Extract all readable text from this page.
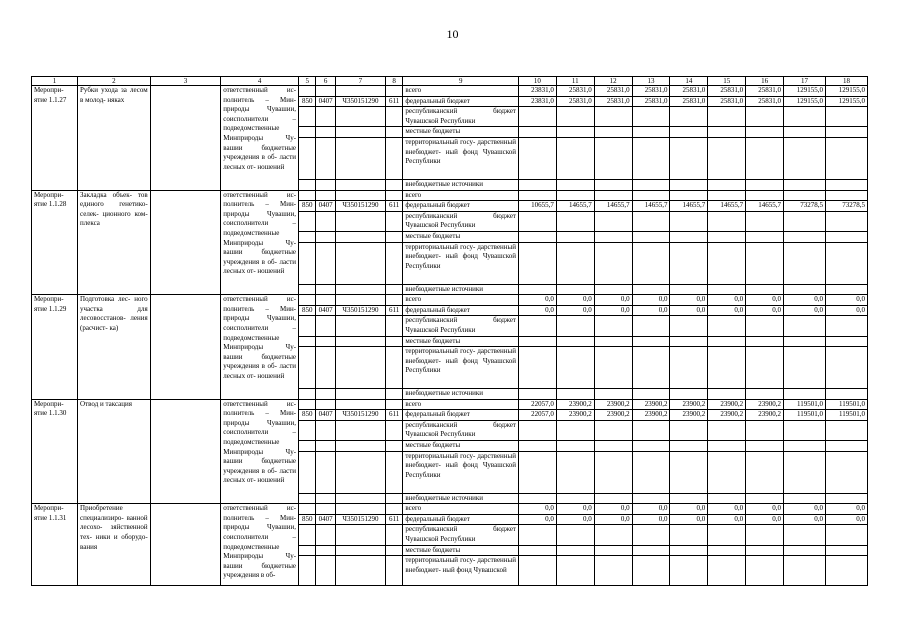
10
1	2	3	4	5	6	7	8	9	10	11	12	13	14	15	16	17	18
Меропри- ятие 1.1.27	Рубки ухода за лесом в молод- няках		ответственный ис- полнитель – Мин- природы Чувашии, соисполнители – подведомственные Минприроды Чу- вашии бюджетные учреждения в об- ласти лесных от- ношений					всего	23831,0	25831,0	25831,0	25831,0	25831,0	25831,0	25831,0	129155,0	129155,0
				850	0407	Ч350151290	611	федеральный бюджет	23831,0	25831,0	25831,0	25831,0	25831,0	25831,0	25831,0	129155,0	129155,0
								республиканский бюджет Чувашской Республики									
								местные бюджеты									
								территориальный госу- дарственный внебюджет- ный фонд Чувашской Республики									
								внебюджетные источники									
Меропри- ятие 1.1.28	Закладка объек- тов единого генетико-селек- ционного ком- плекса		ответственный ис- полнитель – Мин- природы Чувашии, соисполнители – подведомственные Минприроды Чу- вашии бюджетные учреждения в об- ласти лесных от- ношений					всего									
				850	0407	Ч350151290	611	федеральный бюджет	10655,7	14655,7	14655,7	14655,7	14655,7	14655,7	14655,7	73278,5	73278,5
								республиканский бюджет Чувашской Республики									
								местные бюджеты									
								территориальный госу- дарственный внебюджет- ный фонд Чувашской Республики									
								внебюджетные источники									
Меропри- ятие 1.1.29	Подготовка лес- ного участка для лесовосстанов- ления (расчист- ка)		ответственный ис- полнитель – Мин- природы Чувашии, соисполнители – подведомственные Минприроды Чу- вашии бюджетные учреждения в об- ласти лесных от- ношений					всего	0,0	0,0	0,0	0,0	0,0	0,0	0,0	0,0	0,0
				850	0407	Ч350151290	611	федеральный бюджет	0,0	0,0	0,0	0,0	0,0	0,0	0,0	0,0	0,0
								республиканский бюджет Чувашской Республики									
								местные бюджеты									
								территориальный госу- дарственный внебюджет- ный фонд Чувашской Республики									
								внебюджетные источники									
Меропри- ятие 1.1.30	Отвод и таксация		ответственный ис- полнитель – Мин- природы Чувашии, соисполнители – подведомственные Минприроды Чу- вашии бюджетные учреждения в об- ласти лесных от- ношений					всего	22057,0	23900,2	23900,2	23900,2	23900,2	23900,2	23900,2	119501,0	119501,0
				850	0407	Ч350151290	611	федеральный бюджет	22057,0	23900,2	23900,2	23900,2	23900,2	23900,2	23900,2	119501,0	119501,0
								республиканский бюджет Чувашской Республики									
								местные бюджеты									
								территориальный госу- дарственный внебюджет- ный фонд Чувашской Республики									
								внебюджетные источники									
Меропри- ятие 1.1.31	Приобретение специализиро- ванной лесохо- зяйственной тех- ники и оборудо- вания		ответственный ис- полнитель – Мин- природы Чувашии, соисполнители – подведомственные Минприроды Чу- вашии бюджетные учреждения в об-					всего	0,0	0,0	0,0	0,0	0,0	0,0	0,0	0,0	0,0
				850	0407	Ч350151290	611	федеральный бюджет	0,0	0,0	0,0	0,0	0,0	0,0	0,0	0,0	0,0
								республиканский бюджет Чувашской Республики									
								местные бюджеты									
								территориальный госу- дарственный внебюджет- ный фонд Чувашской									
